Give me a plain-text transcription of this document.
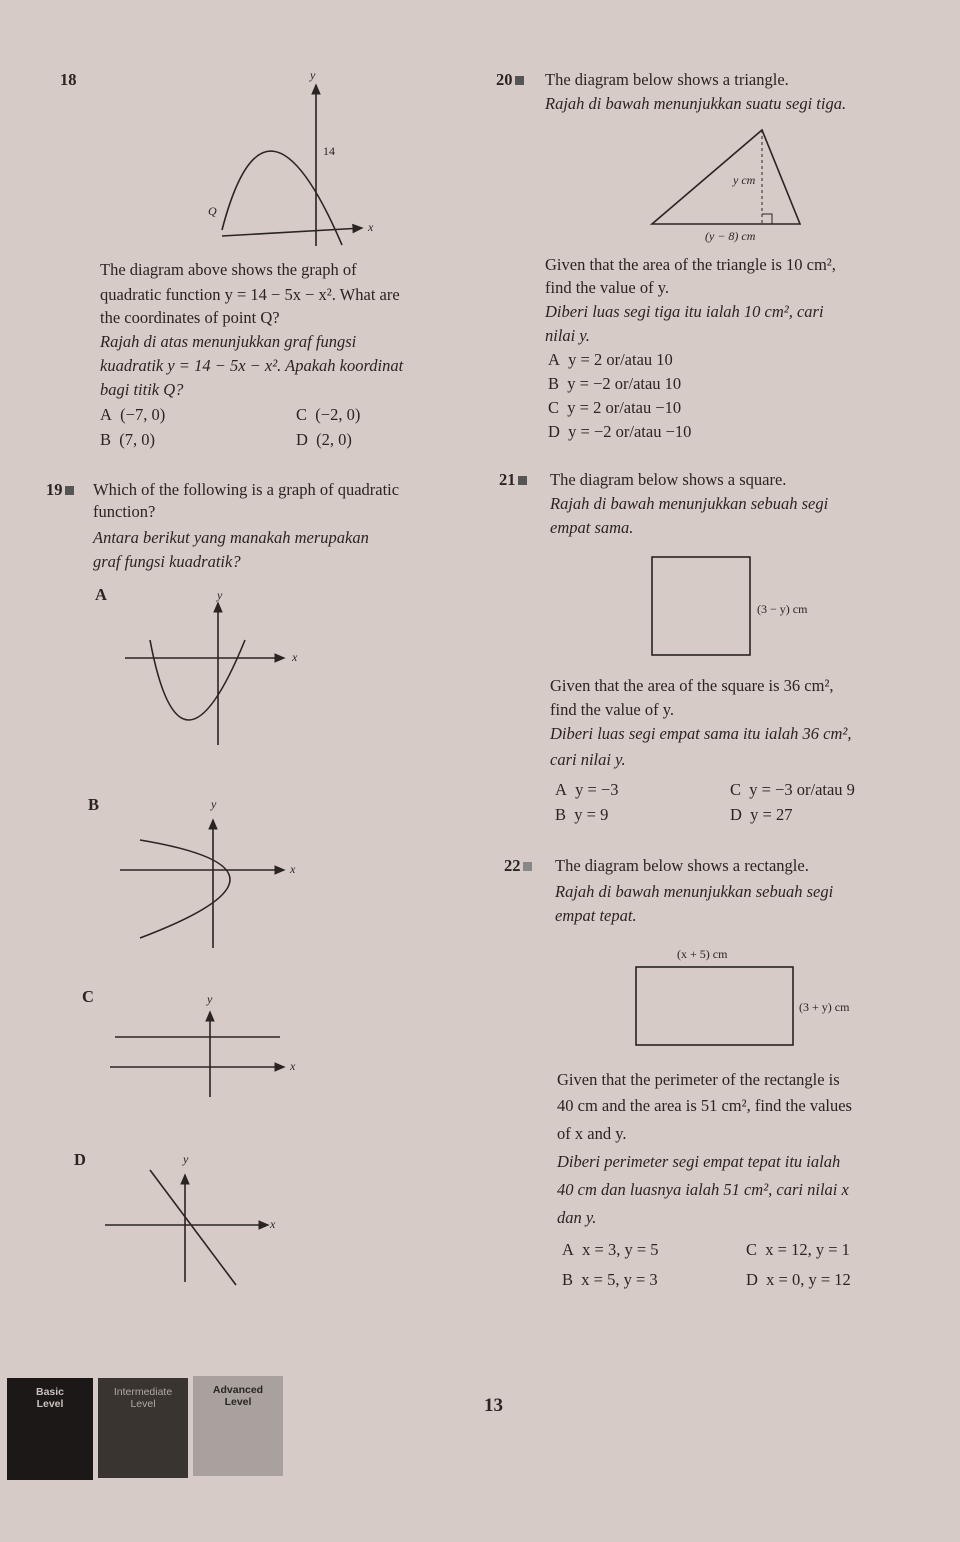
18	y
14
Q
x
The diagram above shows the graph of
quadratic function y = 14 − 5x − x². What are
the coordinates of point Q?
Rajah di atas menunjukkan graf fungsi
kuadratik y = 14 − 5x − x². Apakah koordinat
bagi titik Q?
A (−7, 0)
B (7, 0)
C (−2, 0)
D (2, 0)
19	Which of the following is a graph of quadratic
function?
Antara berikut yang manakah merupakan
graf fungsi kuadratik?
A	y
x
B	y
x
C	y
x
D	y
x
20	The diagram below shows a triangle.
Rajah di bawah menunjukkan suatu segi tiga.
y cm
(y − 8) cm
Given that the area of the triangle is 10 cm²,
find the value of y.
Diberi luas segi tiga itu ialah 10 cm², cari
nilai y.
A y = 2 or/atau 10
B y = −2 or/atau 10
C y = 2 or/atau −10
D y = −2 or/atau −10
21	The diagram below shows a square.
Rajah di bawah menunjukkan sebuah segi
empat sama.
(3 − y) cm
Given that the area of the square is 36 cm²,
find the value of y.
Diberi luas segi empat sama itu ialah 36 cm²,
cari nilai y.
A y = −3
B y = 9
C y = −3 or/atau 9
D y = 27
22	The diagram below shows a rectangle.
Rajah di bawah menunjukkan sebuah segi
empat tepat.
(x + 5) cm
(3 + y) cm
Given that the perimeter of the rectangle is
40 cm and the area is 51 cm², find the values
of x and y.
Diberi perimeter segi empat tepat itu ialah
40 cm dan luasnya ialah 51 cm², cari nilai x
dan y.
A x = 3, y = 5
B x = 5, y = 3
C x = 12, y = 1
D x = 0, y = 12
Basic
Level
Intermediate
Level
Advanced
Level	13
